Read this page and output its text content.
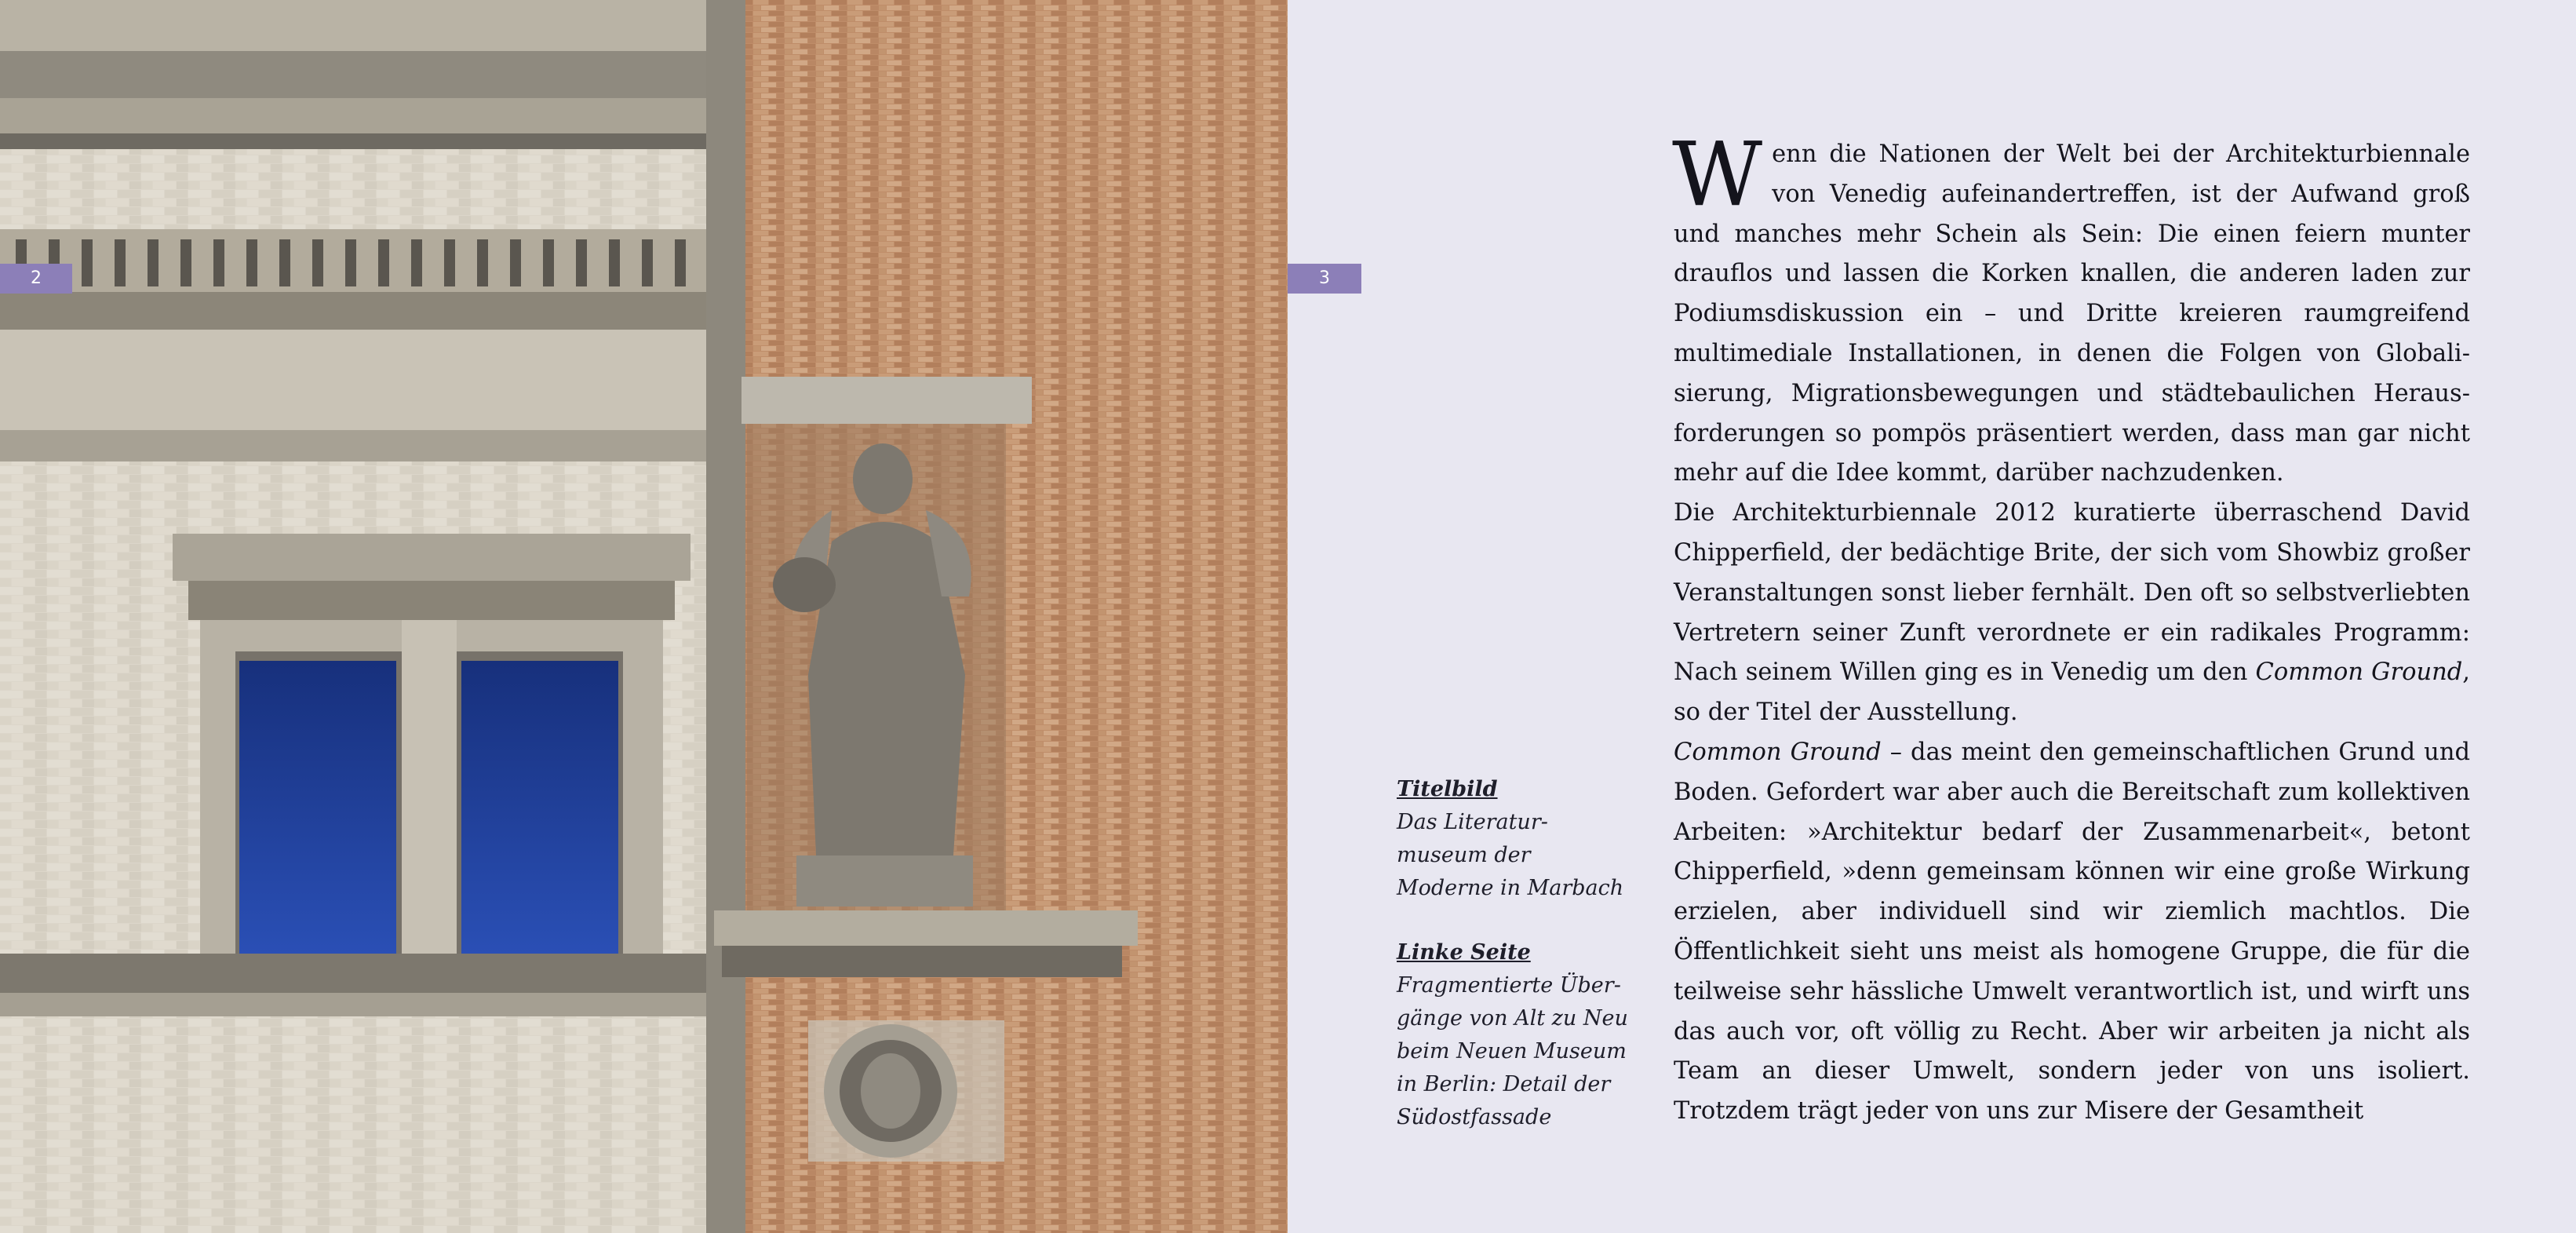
2	3
Titelbild
Das Literatur-museum der Moderne in Marbach
Linke Seite
Fragmentierte Über-gänge von Alt zu Neu beim Neuen Museum in Berlin: Detail der Südostfassade

Wenn die Nationen der Welt bei der Architekturbiennale von Venedig aufeinandertreffen, ist der Aufwand groß und manches mehr Schein als Sein: Die einen feiern munter drauflos und lassen die Korken knallen, die anderen laden zur Podiumsdiskussion ein – und Dritte kreieren raumgreifend multimediale Installationen, in denen die Folgen von Globalisierung, Migrationsbewegungen und städtebaulichen Herausforderungen so pompös präsentiert werden, dass man gar nicht mehr auf die Idee kommt, darüber nachzudenken.

Die Architekturbiennale 2012 kuratierte überraschend David Chipperfield, der bedächtige Brite, der sich vom Showbiz großer Veranstaltungen sonst lieber fernhält. Den oft so selbstverliebten Vertretern seiner Zunft verordnete er ein radikales Programm: Nach seinem Willen ging es in Venedig um den Common Ground, so der Titel der Ausstellung.

Common Ground – das meint den gemeinschaftlichen Grund und Boden. Gefordert war aber auch die Bereitschaft zum kollektiven Arbeiten: »Architektur bedarf der Zusammenarbeit«, betont Chipperfield, »denn gemeinsam können wir eine große Wirkung erzielen, aber individuell sind wir ziemlich machtlos. Die Öffentlichkeit sieht uns meist als homogene Gruppe, die für die teilweise sehr hässliche Umwelt verantwortlich ist, und wirft uns das auch vor, oft völlig zu Recht. Aber wir arbeiten ja nicht als Team an dieser Umwelt, sondern jeder von uns isoliert. Trotzdem trägt jeder von uns zur Misere der Gesamtheit
